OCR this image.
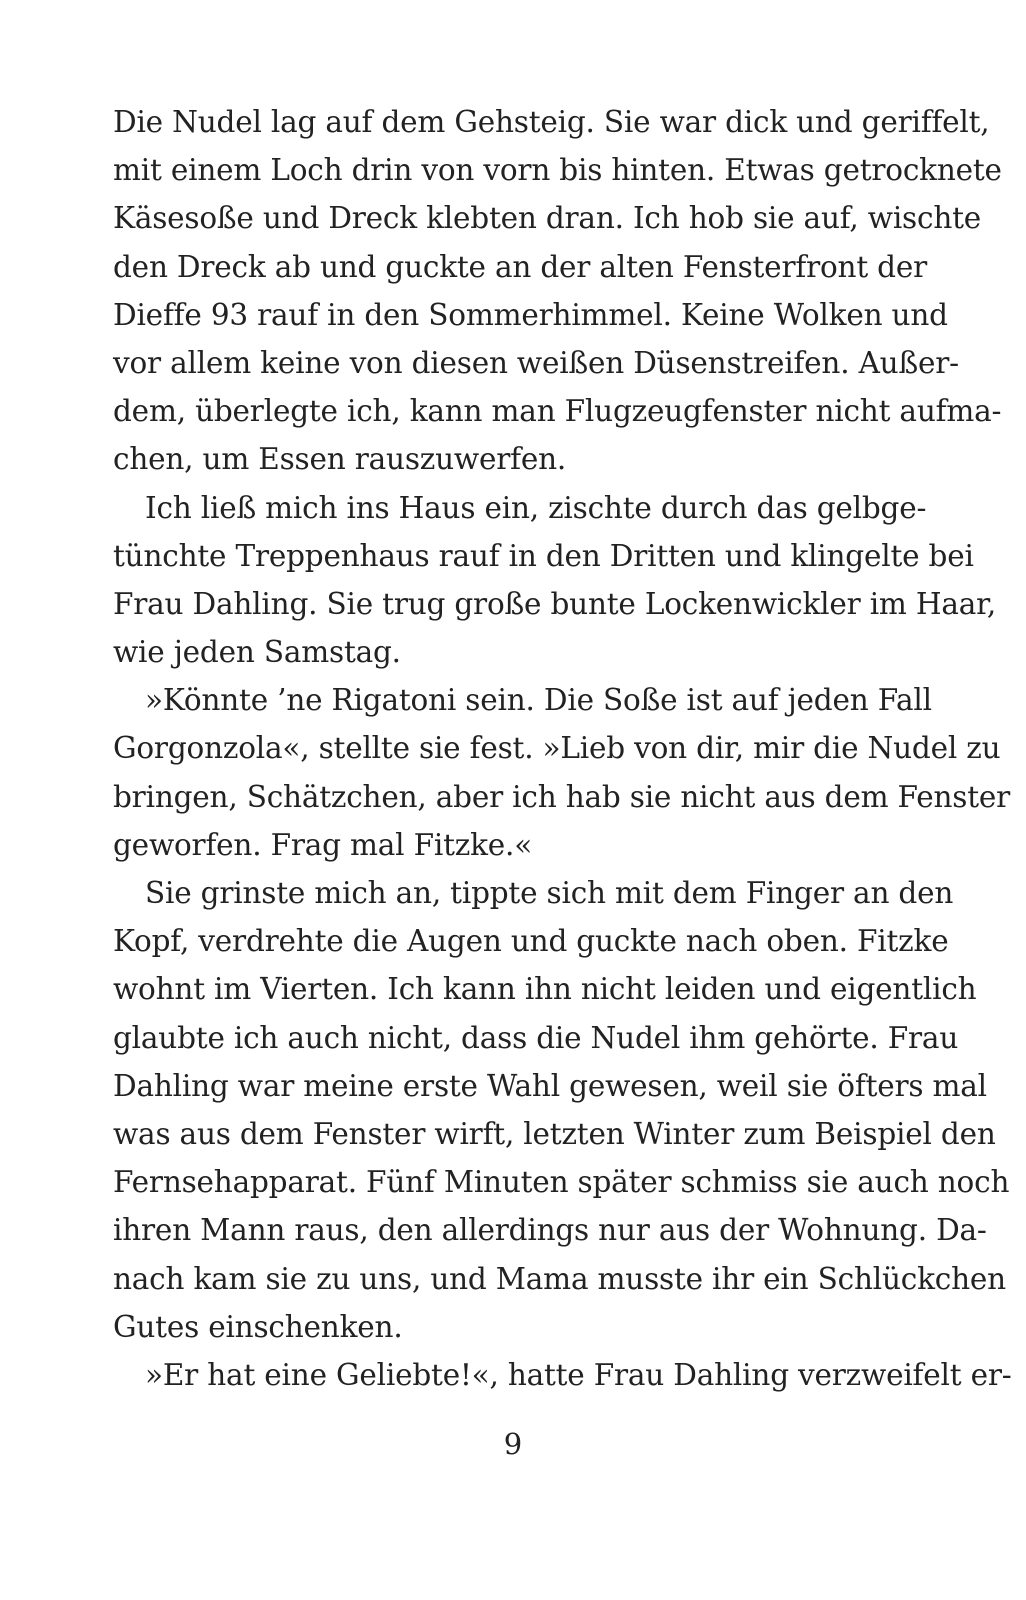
Die Nudel lag auf dem Gehsteig. Sie war dick und geriffelt,
mit einem Loch drin von vorn bis hinten. Etwas getrocknete
Käsesoße und Dreck klebten dran. Ich hob sie auf, wischte
den Dreck ab und guckte an der alten Fensterfront der
Dieffe 93 rauf in den Sommerhimmel. Keine Wolken und
vor allem keine von diesen weißen Düsenstreifen. Außer-
dem, überlegte ich, kann man Flugzeugfenster nicht aufma-
chen, um Essen rauszuwerfen.
Ich ließ mich ins Haus ein, zischte durch das gelbge-
tünchte Treppenhaus rauf in den Dritten und klingelte bei
Frau Dahling. Sie trug große bunte Lockenwickler im Haar,
wie jeden Samstag.
»Könnte ’ne Rigatoni sein. Die Soße ist auf jeden Fall
Gorgonzola«, stellte sie fest. »Lieb von dir, mir die Nudel zu
bringen, Schätzchen, aber ich hab sie nicht aus dem Fenster
geworfen. Frag mal Fitzke.«
Sie grinste mich an, tippte sich mit dem Finger an den
Kopf, verdrehte die Augen und guckte nach oben. Fitzke
wohnt im Vierten. Ich kann ihn nicht leiden und eigentlich
glaubte ich auch nicht, dass die Nudel ihm gehörte. Frau
Dahling war meine erste Wahl gewesen, weil sie öfters mal
was aus dem Fenster wirft, letzten Winter zum Beispiel den
Fernsehapparat. Fünf Minuten später schmiss sie auch noch
ihren Mann raus, den allerdings nur aus der Wohnung. Da-
nach kam sie zu uns, und Mama musste ihr ein Schlückchen
Gutes einschenken.
»Er hat eine Geliebte!«, hatte Frau Dahling verzweifelt er-
9
